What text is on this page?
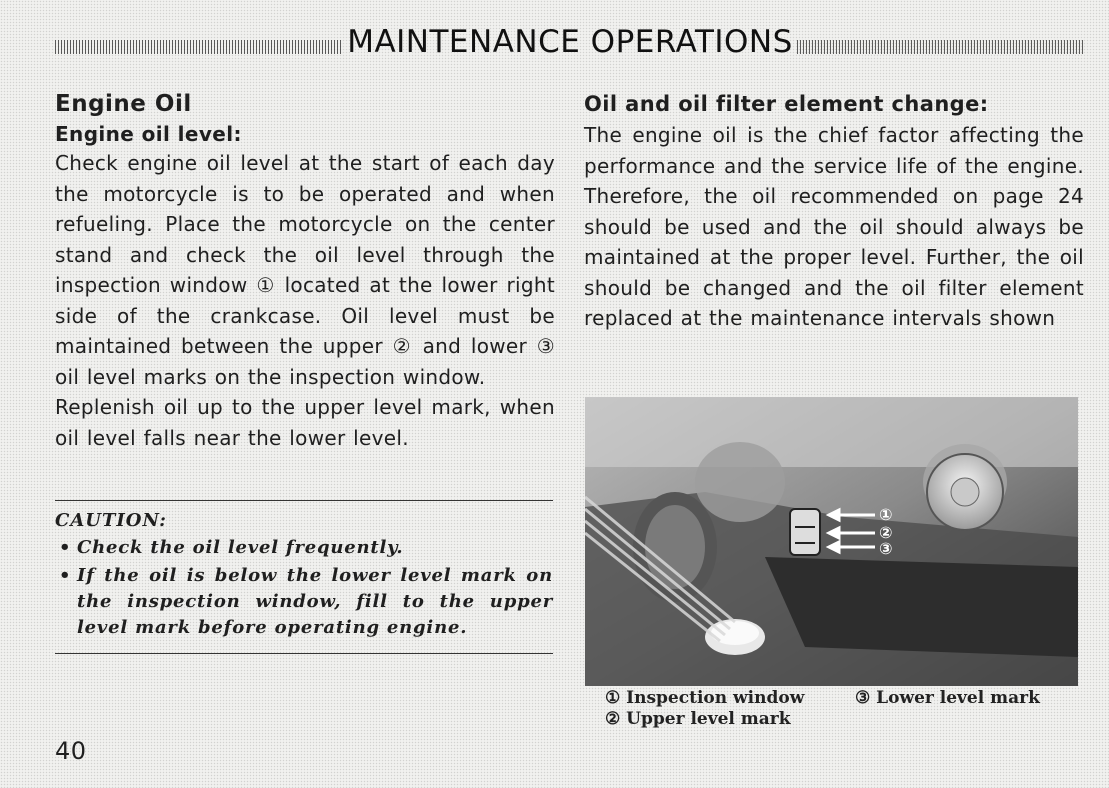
MAINTENANCE OPERATIONS
Engine Oil
Engine oil level:

Check engine oil level at the start of each day the motorcycle is to be operated and when refueling. Place the motorcycle on the center stand and check the oil level through the inspection window ① located at the lower right side of the crankcase. Oil level must be maintained between the upper ② and lower ③ oil level marks on the inspection window.

Replenish oil up to the upper level mark, when oil level falls near the lower level.

CAUTION:
• Check the oil level frequently.
• If the oil is below the lower level mark on the inspection window, fill to the upper level mark before operating engine.
Oil and oil filter element change:

The engine oil is the chief factor affecting the performance and the service life of the engine. Therefore, the oil recommended on page 24 should be used and the oil should always be maintained at the proper level. Further, the oil should be changed and the oil filter element replaced at the maintenance intervals shown

①
②
③
① Inspection window	③ Lower level mark
② Upper level mark
40
